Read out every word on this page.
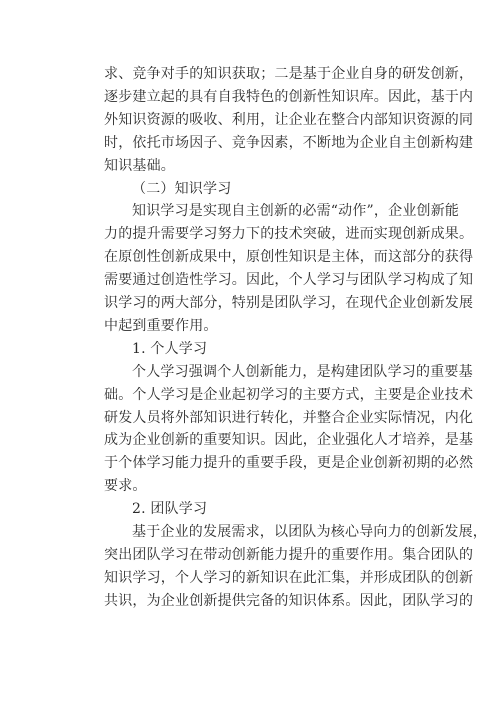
求、竞争对手的知识获取；二是基于企业自身的研发创新，
逐步建立起的具有自我特色的创新性知识库。因此，基于内
外知识资源的吸收、利用，让企业在整合内部知识资源的同
时，依托市场因子、竞争因素，不断地为企业自主创新构建
知识基础。
（二）知识学习
知识学习是实现自主创新的必需“动作”，企业创新能
力的提升需要学习努力下的技术突破，进而实现创新成果。
在原创性创新成果中，原创性知识是主体，而这部分的获得
需要通过创造性学习。因此，个人学习与团队学习构成了知
识学习的两大部分，特别是团队学习，在现代企业创新发展
中起到重要作用。
1. 个人学习
个人学习强调个人创新能力，是构建团队学习的重要基
础。个人学习是企业起初学习的主要方式，主要是企业技术
研发人员将外部知识进行转化，并整合企业实际情况，内化
成为企业创新的重要知识。因此，企业强化人才培养，是基
于个体学习能力提升的重要手段，更是企业创新初期的必然
要求。
2. 团队学习
基于企业的发展需求，以团队为核心导向力的创新发展，
突出团队学习在带动创新能力提升的重要作用。集合团队的
知识学习，个人学习的新知识在此汇集，并形成团队的创新
共识，为企业创新提供完备的知识体系。因此，团队学习的
